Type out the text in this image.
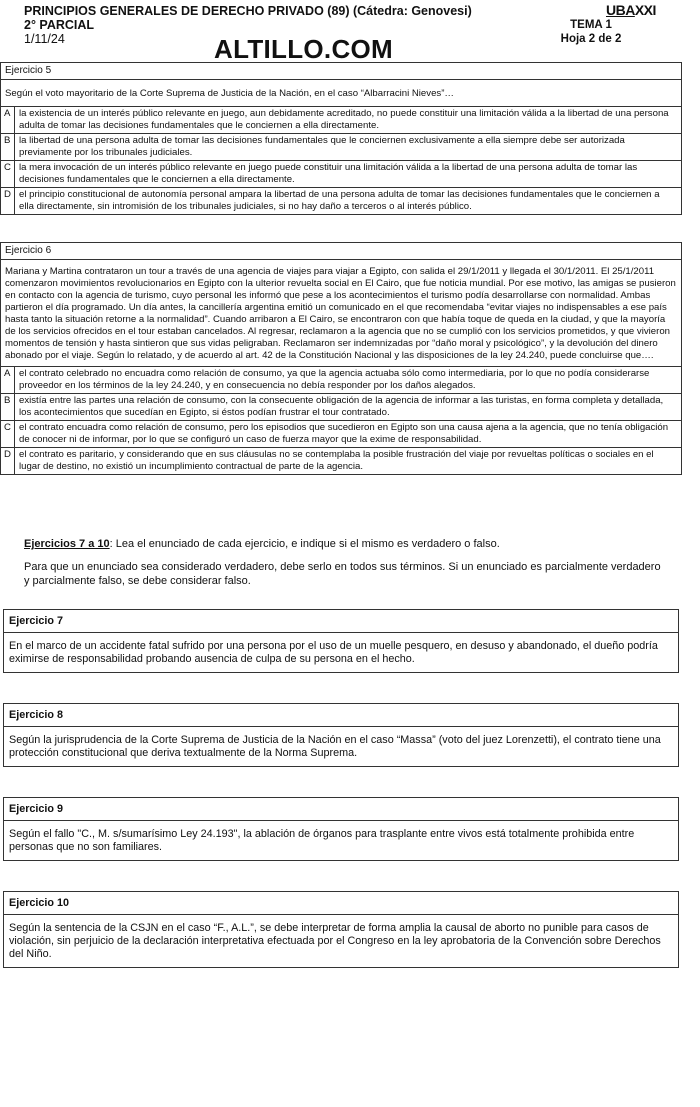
PRINCIPIOS GENERALES DE DERECHO PRIVADO (89) (Cátedra: Genovesi)
2° PARCIAL
1/11/24	ALTILLO.COM
UBAXXI
TEMA 1
Hoja 2 de 2
Ejercicio 5	
Según el voto mayoritario de la Corte Suprema de Justicia de la Nación, en el caso “Albarracini Nieves”…	
A	la existencia de un interés público relevante en juego, aun debidamente acreditado, no puede constituir una limitación válida a la libertad de una persona adulta de tomar las decisiones fundamentales que le conciernen a ella directamente.
B	la libertad de una persona adulta de tomar las decisiones fundamentales que le conciernen exclusivamente a ella siempre debe ser autorizada previamente por los tribunales judiciales.
C	la mera invocación de un interés público relevante en juego puede constituir una limitación válida a la libertad de una persona adulta de tomar las decisiones fundamentales que le conciernen a ella directamente.
D	el principio constitucional de autonomía personal ampara la libertad de una persona adulta de tomar las decisiones fundamentales que le conciernen a ella directamente, sin intromisión de los tribunales judiciales, si no hay daño a terceros o al interés público.
Ejercicio 6	
Mariana y Martina contrataron un tour a través de una agencia de viajes para viajar a Egipto, con salida el 29/1/2011 y llegada el 30/1/2011. El 25/1/2011 comenzaron movimientos revolucionarios en Egipto con la ulterior revuelta social en El Cairo, que fue noticia mundial. Por ese motivo, las amigas se pusieron en contacto con la agencia de turismo, cuyo personal les informó que pese a los acontecimientos el turismo podía desarrollarse con normalidad. Ambas partieron el día programado. Un día antes, la cancillería argentina emitió un comunicado en el que recomendaba “evitar viajes no indispensables a ese país hasta tanto la situación retorne a la normalidad”. Cuando arribaron a El Cairo, se encontraron con que había toque de queda en la ciudad, y que la mayoría de los servicios ofrecidos en el tour estaban cancelados. Al regresar, reclamaron a la agencia que no se cumplió con los servicios prometidos, y que vivieron momentos de tensión y hasta sintieron que sus vidas peligraban. Reclamaron ser indemnizadas por “daño moral y psicológico”, y la devolución del dinero abonado por el viaje. Según lo relatado, y de acuerdo al art. 42 de la Constitución Nacional y las disposiciones de la ley 24.240, puede concluirse que….	
A	el contrato celebrado no encuadra como relación de consumo, ya que la agencia actuaba sólo como intermediaria, por lo que no podía considerarse proveedor en los términos de la ley 24.240, y en consecuencia no debía responder por los daños alegados.
B	existía entre las partes una relación de consumo, con la consecuente obligación de la agencia de informar a las turistas, en forma completa y detallada, los acontecimientos que sucedían en Egipto, si éstos podían frustrar el tour contratado.
C	el contrato encuadra como relación de consumo, pero los episodios que sucedieron en Egipto son una causa ajena a la agencia, que no tenía obligación de conocer ni de informar, por lo que se configuró un caso de fuerza mayor que la exime de responsabilidad.
D	el contrato es paritario, y considerando que en sus cláusulas no se contemplaba la posible frustración del viaje por revueltas políticas o sociales en el lugar de destino, no existió un incumplimiento contractual de parte de la agencia.
Ejercicios 7 a 10: Lea el enunciado de cada ejercicio, e indique si el mismo es verdadero o falso.
Para que un enunciado sea considerado verdadero, debe serlo en todos sus términos. Si un enunciado es parcialmente verdadero y parcialmente falso, se debe considerar falso.
Ejercicio 7
En el marco de un accidente fatal sufrido por una persona por el uso de un muelle pesquero, en desuso y abandonado, el dueño podría eximirse de responsabilidad probando ausencia de culpa de su persona en el hecho.
Ejercicio 8
Según la jurisprudencia de la Corte Suprema de Justicia de la Nación en el caso “Massa” (voto del juez Lorenzetti), el contrato tiene una protección constitucional que deriva textualmente de la Norma Suprema.
Ejercicio 9
Según el fallo "C., M. s/sumarísimo Ley 24.193", la ablación de órganos para trasplante entre vivos está totalmente prohibida entre personas que no son familiares.
Ejercicio 10
Según la sentencia de la CSJN en el caso “F., A.L.”, se debe interpretar de forma amplia la causal de aborto no punible para casos de violación, sin perjuicio de la declaración interpretativa efectuada por el Congreso en la ley aprobatoria de la Convención sobre Derechos del Niño.
